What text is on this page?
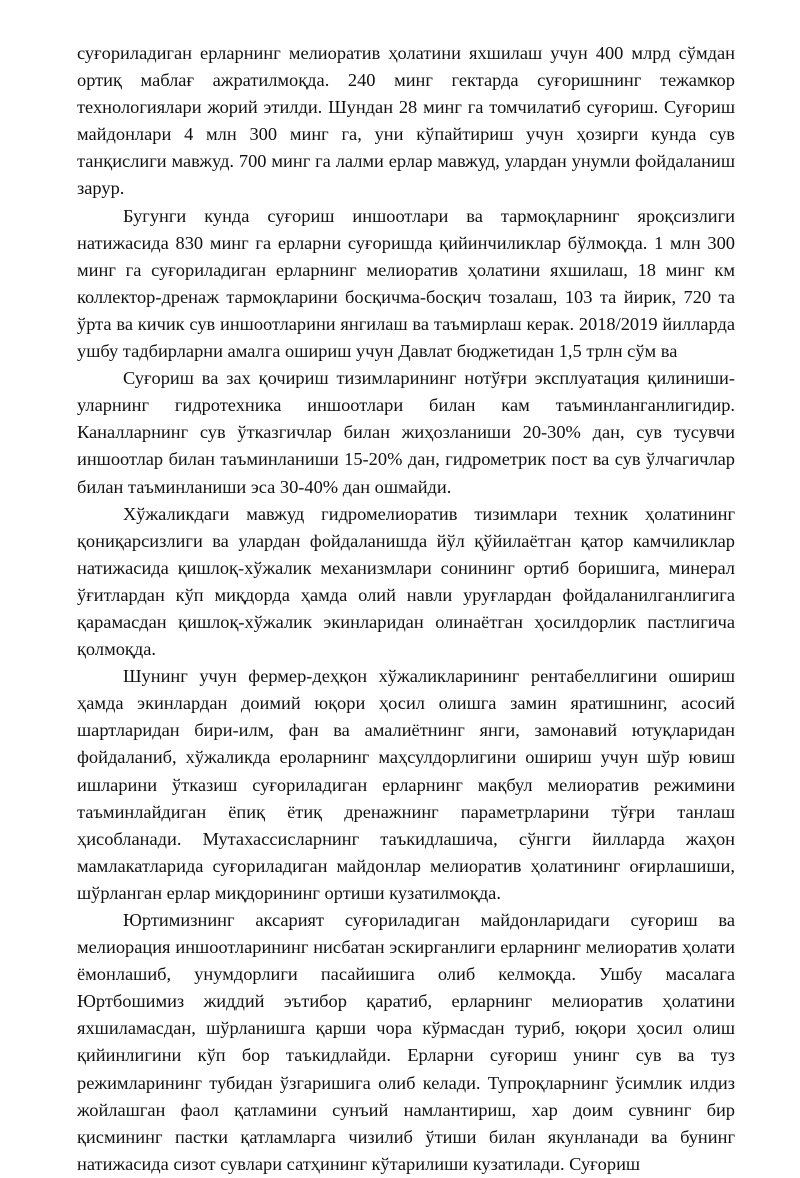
суғориладиган ерларнинг мелиоратив ҳолатини яхшилаш учун 400 млрд сўмдан ортиқ маблағ ажратилмоқда. 240 минг гектарда суғоришнинг тежамкор технологиялари жорий этилди. Шундан 28 минг га томчилатиб суғориш. Суғориш майдонлари 4 млн 300 минг га, уни кўпайтириш учун ҳозирги кунда сув танқислиги мавжуд. 700 минг га лалми ерлар мавжуд, улардан унумли фойдаланиш зарур.

Бугунги кунда суғориш иншоотлари ва тармоқларнинг яроқсизлиги натижасида 830 минг га ерларни суғоришда қийинчиликлар бўлмоқда. 1 млн 300 минг га суғориладиган ерларнинг мелиоратив ҳолатини яхшилаш, 18 минг км коллектор-дренаж тармоқларини босқичма-босқич тозалаш, 103 та йирик, 720 та ўрта ва кичик сув иншоотларини янгилаш ва таъмирлаш керак. 2018/2019 йилларда ушбу тадбирларни амалга ошириш учун Давлат бюджетидан 1,5 трлн сўм ва

Суғориш ва зах қочириш тизимларининг нотўғри эксплуатация қилиниши-уларнинг гидротехника иншоотлари билан кам таъминланганлигидир. Каналларнинг сув ўтказгичлар билан жиҳозланиши 20-30% дан, сув тусувчи иншоотлар билан таъминланиши 15-20% дан, гидрометрик пост ва сув ўлчагичлар билан таъминланиши эса 30-40% дан ошмайди.

Хўжаликдаги мавжуд гидромелиоратив тизимлари техник ҳолатининг қониқарсизлиги ва улардан фойдаланишда йўл қўйилаётган қатор камчиликлар натижасида қишлоқ-хўжалик механизмлари сонининг ортиб боришига, минерал ўғитлардан кўп миқдорда ҳамда олий навли уруғлардан фойдаланилганлигига қарамасдан қишлоқ-хўжалик экинларидан олинаётган ҳосилдорлик пастлигича қолмоқда.

Шунинг учун фермер-деҳқон хўжаликларининг рентабеллигини ошириш ҳамда экинлардан доимий юқори ҳосил олишга замин яратишнинг, асосий шартларидан бири-илм, фан ва амалиётнинг янги, замонавий ютуқларидан фойдаланиб, хўжаликда ероларнинг маҳсулдорлигини ошириш учун шўр ювиш ишларини ўтказиш суғориладиган ерларнинг мақбул мелиоратив режимини таъминлайдиган ёпиқ ётиқ дренажнинг параметрларини тўғри танлаш ҳисобланади. Мутахассисларнинг таъкидлашича, сўнгги йилларда жаҳон мамлакатларида суғориладиган майдонлар мелиоратив ҳолатининг оғирлашиши, шўрланган ерлар миқдорининг ортиши кузатилмоқда.

Юртимизнинг аксарият суғориладиган майдонларидаги суғориш ва мелиорация иншоотларининг нисбатан эскирганлиги ерларнинг мелиоратив ҳолати ёмонлашиб, унумдорлиги пасайишига олиб келмоқда. Ушбу масалага Юртбошимиз жиддий эътибор қаратиб, ерларнинг мелиоратив ҳолатини яхшиламасдан, шўрланишга қарши чора кўрмасдан туриб, юқори ҳосил олиш қийинлигини кўп бор таъкидлайди. Ерларни суғориш унинг сув ва туз режимларининг тубидан ўзгаришига олиб келади. Тупроқларнинг ўсимлик илдиз жойлашган фаол қатламини сунъий намлантириш, хар доим сувнинг бир қисмининг пастки қатламларга чизилиб ўтиши билан якунланади ва бунинг натижасида сизот сувлари сатҳининг кўтарилиши кузатилади. Суғориш
